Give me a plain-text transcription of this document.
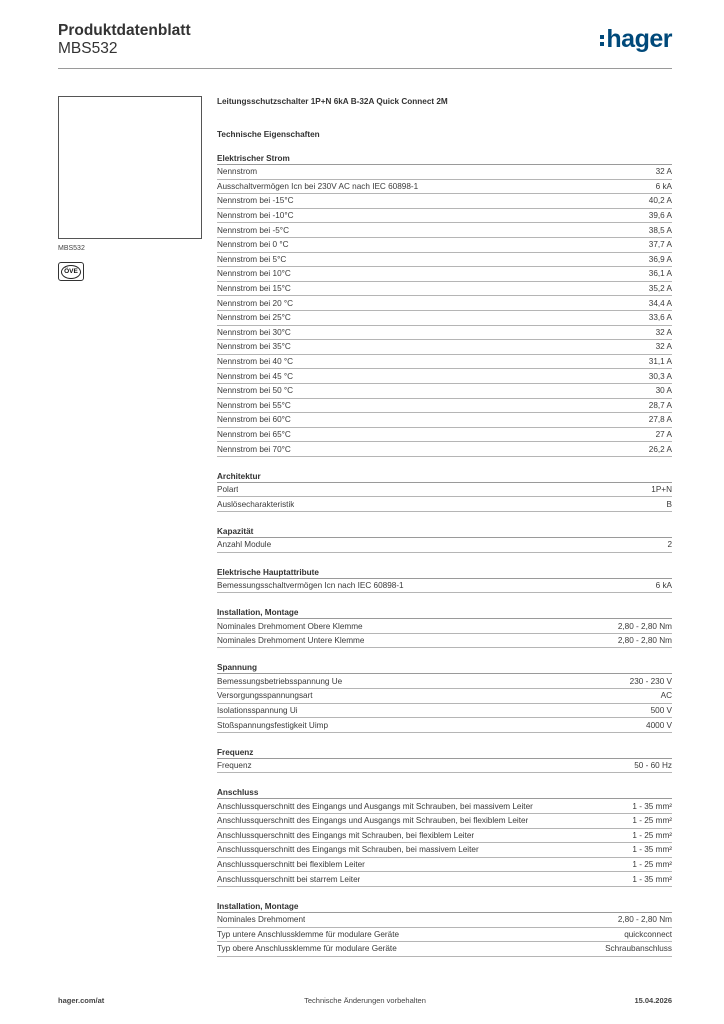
Produktdatenblatt
MBS532	hager
MBS532
ÖVE
Leitungsschutzschalter 1P+N 6kA B-32A Quick Connect 2M
Technische Eigenschaften
Elektrischer Strom
Nennstrom	32 A
Ausschaltvermögen Icn bei 230V AC nach IEC 60898-1	6 kA
Nennstrom bei -15°C	40,2 A
Nennstrom bei -10°C	39,6 A
Nennstrom bei -5°C	38,5 A
Nennstrom bei 0 °C	37,7 A
Nennstrom bei 5°C	36,9 A
Nennstrom bei 10°C	36,1 A
Nennstrom bei 15°C	35,2 A
Nennstrom bei 20 °C	34,4 A
Nennstrom bei 25°C	33,6 A
Nennstrom bei 30°C	32 A
Nennstrom bei 35°C	32 A
Nennstrom bei 40 °C	31,1 A
Nennstrom bei 45 °C	30,3 A
Nennstrom bei 50 °C	30 A
Nennstrom bei 55°C	28,7 A
Nennstrom bei 60°C	27,8 A
Nennstrom bei 65°C	27 A
Nennstrom bei 70°C	26,2 A
Architektur
Polart	1P+N
Auslösecharakteristik	B
Kapazität
Anzahl Module	2
Elektrische Hauptattribute
Bemessungsschaltvermögen Icn nach IEC 60898-1	6 kA
Installation, Montage
Nominales Drehmoment Obere Klemme	2,80 - 2,80 Nm
Nominales Drehmoment Untere Klemme	2,80 - 2,80 Nm
Spannung
Bemessungsbetriebsspannung Ue	230 - 230 V
Versorgungsspannungsart	AC
Isolationsspannung Ui	500 V
Stoßspannungsfestigkeit Uimp	4000 V
Frequenz
Frequenz	50 - 60 Hz
Anschluss
Anschlussquerschnitt des Eingangs und Ausgangs mit Schrauben, bei massivem Leiter	1 - 35 mm²
Anschlussquerschnitt des Eingangs und Ausgangs mit Schrauben, bei flexiblem Leiter	1 - 25 mm²
Anschlussquerschnitt des Eingangs mit Schrauben, bei flexiblem Leiter	1 - 25 mm²
Anschlussquerschnitt des Eingangs mit Schrauben, bei massivem Leiter	1 - 35 mm²
Anschlussquerschnitt bei flexiblem Leiter	1 - 25 mm²
Anschlussquerschnitt bei starrem Leiter	1 - 35 mm²
Installation, Montage
Nominales Drehmoment	2,80 - 2,80 Nm
Typ untere Anschlussklemme für modulare Geräte	quickconnect
Typ obere Anschlussklemme für modulare Geräte	Schraubanschluss
hager.com/at	Technische Änderungen vorbehalten	15.04.2026
